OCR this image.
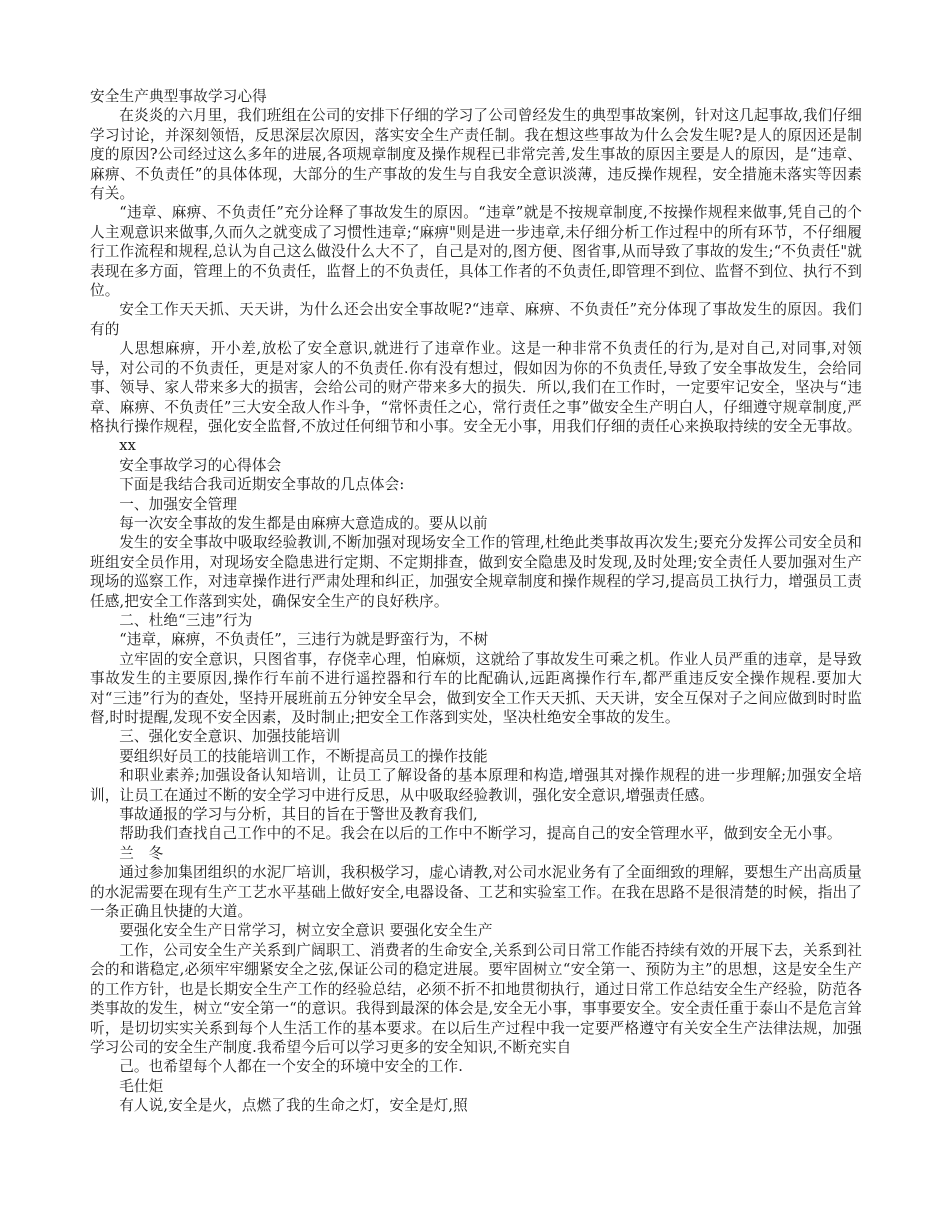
安全生产典型事故学习心得
在炎炎的六月里，我们班组在公司的安排下仔细的学习了公司曾经发生的典型事故案例，针对这几起事故,我们仔细学习讨论，并深刻领悟，反思深层次原因，落实安全生产责任制。我在想这些事故为什么会发生呢?是人的原因还是制度的原因?公司经过这么多年的进展,各项规章制度及操作规程已非常完善,发生事故的原因主要是人的原因，是“违章、麻痹、不负责任”的具体体现，大部分的生产事故的发生与自我安全意识淡薄，违反操作规程，安全措施未落实等因素有关。
“违章、麻痹、不负责任”充分诠释了事故发生的原因。“违章”就是不按规章制度,不按操作规程来做事,凭自己的个人主观意识来做事,久而久之就变成了习惯性违章;“麻痹"则是进一步违章,未仔细分析工作过程中的所有环节，不仔细履行工作流程和规程,总认为自己这么做没什么大不了，自己是对的,图方便、图省事,从而导致了事故的发生;“不负责任"就表现在多方面，管理上的不负责任，监督上的不负责任，具体工作者的不负责任,即管理不到位、监督不到位、执行不到位。
安全工作天天抓、天天讲，为什么还会出安全事故呢?“违章、麻痹、不负责任”充分体现了事故发生的原因。我们有的
人思想麻痹，开小差,放松了安全意识,就进行了违章作业。这是一种非常不负责任的行为,是对自己,对同事,对领导，对公司的不负责任，更是对家人的不负责任.你有没有想过，假如因为你的不负责任,导致了安全事故发生，会给同事、领导、家人带来多大的损害，会给公司的财产带来多大的损失．所以,我们在工作时，一定要牢记安全，坚决与“违章、麻痹、不负责任”三大安全敌人作斗争，“常怀责任之心，常行责任之事”做安全生产明白人，仔细遵守规章制度,严格执行操作规程，强化安全监督,不放过任何细节和小事。安全无小事，用我们仔细的责任心来换取持续的安全无事故。
xx
安全事故学习的心得体会
下面是我结合我司近期安全事故的几点体会:
一、加强安全管理
每一次安全事故的发生都是由麻痹大意造成的。要从以前
发生的安全事故中吸取经验教训,不断加强对现场安全工作的管理,杜绝此类事故再次发生;要充分发挥公司安全员和班组安全员作用，对现场安全隐患进行定期、不定期排查，做到安全隐患及时发现,及时处理;安全责任人要加强对生产现场的巡察工作，对违章操作进行严肃处理和纠正，加强安全规章制度和操作规程的学习,提高员工执行力，增强员工责任感,把安全工作落到实处，确保安全生产的良好秩序。
二、杜绝“三违”行为
“违章，麻痹，不负责任”，三违行为就是野蛮行为，不树
立牢固的安全意识，只图省事，存侥幸心理，怕麻烦，这就给了事故发生可乘之机。作业人员严重的违章，是导致事故发生的主要原因,操作行车前不进行遥控器和行车的比配确认,远距离操作行车,都严重违反安全操作规程.要加大对“三违”行为的查处，坚持开展班前五分钟安全早会，做到安全工作天天抓、天天讲，安全互保对子之间应做到时时监督,时时提醒,发现不安全因素，及时制止;把安全工作落到实处，坚决杜绝安全事故的发生。
三、强化安全意识、加强技能培训
要组织好员工的技能培训工作，不断提高员工的操作技能
和职业素养;加强设备认知培训，让员工了解设备的基本原理和构造,增强其对操作规程的进一步理解;加强安全培训，让员工在通过不断的安全学习中进行反思，从中吸取经验教训，强化安全意识,增强责任感。
事故通报的学习与分析，其目的旨在于警世及教育我们,
帮助我们查找自己工作中的不足。我会在以后的工作中不断学习，提高自己的安全管理水平，做到安全无小事。
兰　冬
通过参加集团组织的水泥厂培训，我积极学习，虚心请教,对公司水泥业务有了全面细致的理解，要想生产出高质量的水泥需要在现有生产工艺水平基础上做好安全,电器设备、工艺和实验室工作。在我在思路不是很清楚的时候，指出了一条正确且快捷的大道。
要强化安全生产日常学习，树立安全意识 要强化安全生产
工作，公司安全生产关系到广阔职工、消费者的生命安全,关系到公司日常工作能否持续有效的开展下去，关系到社会的和谐稳定,必须牢牢绷紧安全之弦,保证公司的稳定进展。要牢固树立“安全第一、预防为主”的思想，这是安全生产的工作方针，也是长期安全生产工作的经验总结，必须不折不扣地贯彻执行，通过日常工作总结安全生产经验，防范各类事故的发生，树立“安全第一“的意识。我得到最深的体会是,安全无小事，事事要安全。安全责任重于泰山不是危言耸听，是切切实实关系到每个人生活工作的基本要求。在以后生产过程中我一定要严格遵守有关安全生产法律法规，加强学习公司的安全生产制度.我希望今后可以学习更多的安全知识,不断充实自
己。也希望每个人都在一个安全的环境中安全的工作.
毛仕炬
有人说,安全是火，点燃了我的生命之灯，安全是灯,照
